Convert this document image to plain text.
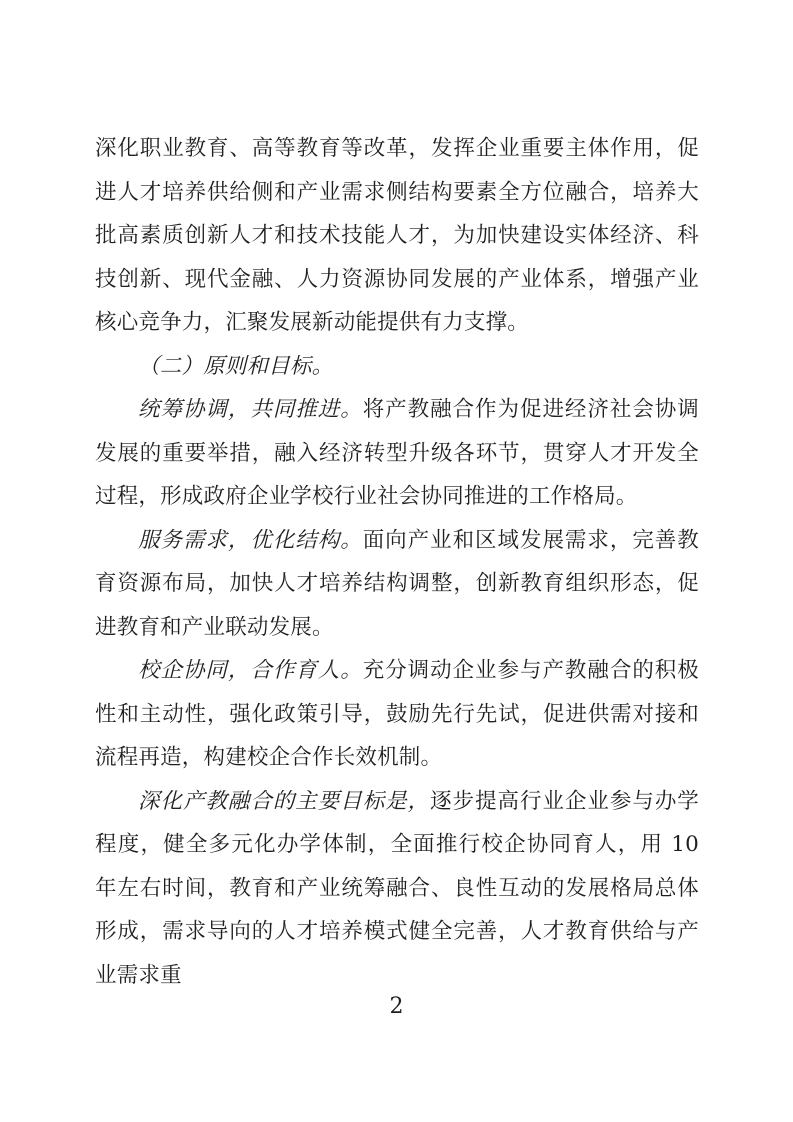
深化职业教育、高等教育等改革，发挥企业重要主体作用，促进人才培养供给侧和产业需求侧结构要素全方位融合，培养大批高素质创新人才和技术技能人才，为加快建设实体经济、科技创新、现代金融、人力资源协同发展的产业体系，增强产业核心竞争力，汇聚发展新动能提供有力支撑。

（二）原则和目标。

统筹协调，共同推进。将产教融合作为促进经济社会协调发展的重要举措，融入经济转型升级各环节，贯穿人才开发全过程，形成政府企业学校行业社会协同推进的工作格局。

服务需求，优化结构。面向产业和区域发展需求，完善教育资源布局，加快人才培养结构调整，创新教育组织形态，促进教育和产业联动发展。

校企协同，合作育人。充分调动企业参与产教融合的积极性和主动性，强化政策引导，鼓励先行先试，促进供需对接和流程再造，构建校企合作长效机制。

深化产教融合的主要目标是，逐步提高行业企业参与办学程度，健全多元化办学体制，全面推行校企协同育人，用 10 年左右时间，教育和产业统筹融合、良性互动的发展格局总体形成，需求导向的人才培养模式健全完善，人才教育供给与产业需求重

2
